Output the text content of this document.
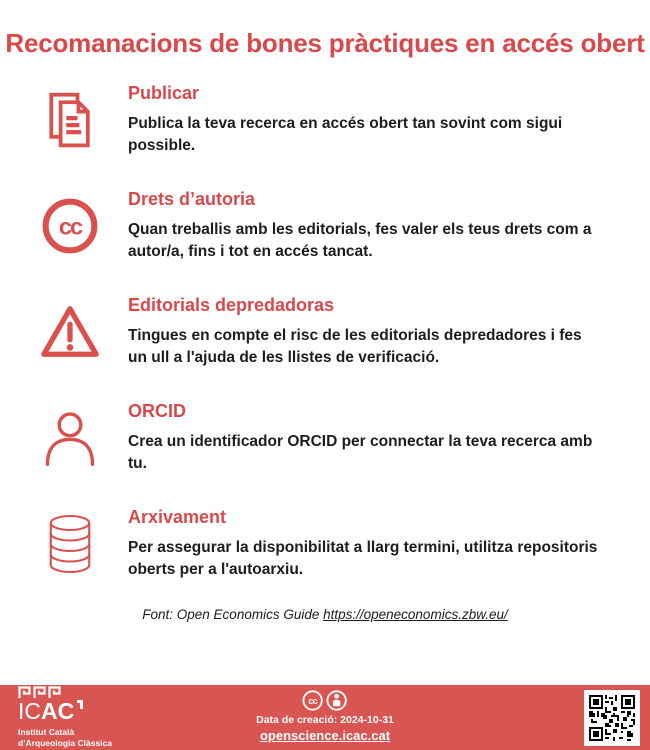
Recomanacions de bones pràctiques en accés obert
Publicar

Publica la teva recerca en accés obert tan sovint com sigui possible.

cc
Drets d’autoria

Quan treballis amb les editorials, fes valer els teus drets com a autor/a, fins i tot en accés tancat.

Editorials depredadoras

Tingues en compte el risc de les editorials depredadores i fes un ull a l'ajuda de les llistes de verificació.

ORCID

Crea un identificador ORCID per connectar la teva recerca amb tu.

Arxivament

Per assegurar la disponibilitat a llarg termini, utilitza repositoris oberts per a l'autoarxiu.

Font: Open Economics Guide https://openeconomics.zbw.eu/

ICAC
Institut Català
d’Arqueologia Clàssica
cc
Data de creació: 2024-10-31
openscience.icac.cat
